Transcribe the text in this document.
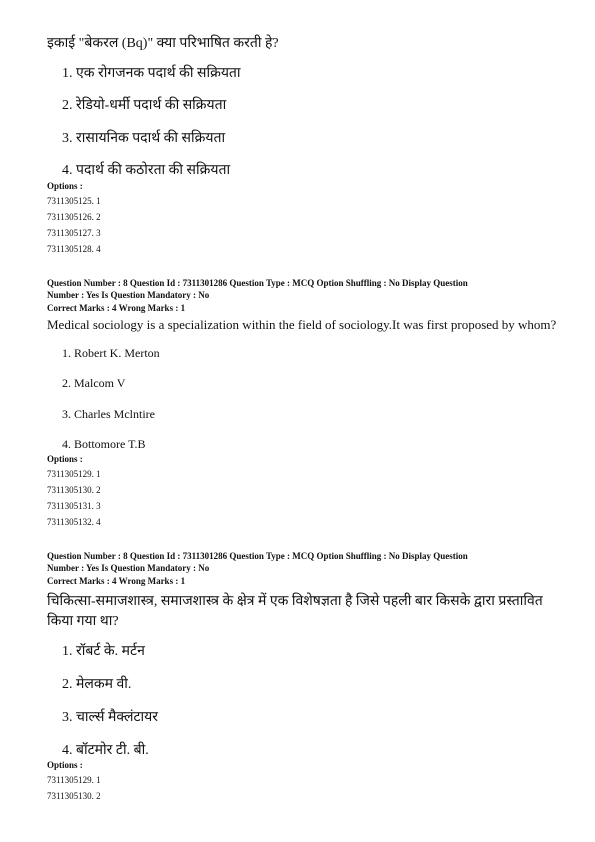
इकाई "बेकरल (Bq)" क्या परिभाषित करती हे?
1. एक रोगजनक पदार्थ की सक्रियता
2. रेडियो-धर्मी पदार्थ की सक्रियता
3. रासायनिक पदार्थ की सक्रियता
4. पदार्थ की कठोरता की सक्रियता
Options :
7311305125. 1
7311305126. 2
7311305127. 3
7311305128. 4
Question Number : 8 Question Id : 7311301286 Question Type : MCQ Option Shuffling : No Display Question
Number : Yes Is Question Mandatory : No
Correct Marks : 4 Wrong Marks : 1
Medical sociology is a specialization within the field of sociology.It was first proposed by whom?
1. Robert K. Merton
2. Malcom V
3. Charles Mclntire
4. Bottomore T.B
Options :
7311305129. 1
7311305130. 2
7311305131. 3
7311305132. 4
Question Number : 8 Question Id : 7311301286 Question Type : MCQ Option Shuffling : No Display Question
Number : Yes Is Question Mandatory : No
Correct Marks : 4 Wrong Marks : 1
चिकित्सा-समाजशास्त्र, समाजशास्त्र के क्षेत्र में एक विशेषज्ञता है जिसे पहली बार किसके द्वारा प्रस्तावित
किया गया था?
1. रॉबर्ट के. मर्टन
2. मेलकम वी.
3. चार्ल्स मैक्लंटायर
4. बॉटमोर टी. बी.
Options :
7311305129. 1
7311305130. 2
